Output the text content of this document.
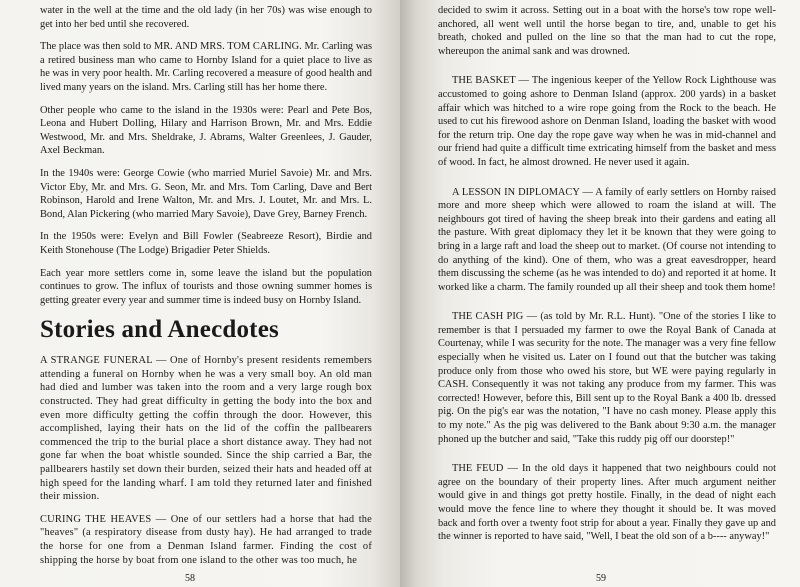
water in the well at the time and the old lady (in her 70s) was wise enough to get into her bed until she recovered.

The place was then sold to MR. AND MRS. TOM CARLING. Mr. Carling was a retired business man who came to Hornby Island for a quiet place to live as he was in very poor health. Mr. Carling recovered a measure of good health and lived many years on the island. Mrs. Carling still has her home there.

Other people who came to the island in the 1930s were: Pearl and Pete Bos, Leona and Hubert Dolling, Hilary and Harrison Brown, Mr. and Mrs. Eddie Westwood, Mr. and Mrs. Sheldrake, J. Abrams, Walter Greenlees, J. Gauder, Axel Beckman.

In the 1940s were: George Cowie (who married Muriel Savoie) Mr. and Mrs. Victor Eby, Mr. and Mrs. G. Seon, Mr. and Mrs. Tom Carling, Dave and Bert Robinson, Harold and Irene Walton, Mr. and Mrs. J. Loutet, Mr. and Mrs. L. Bond, Alan Pickering (who married Mary Savoie), Dave Grey, Barney French.

In the 1950s were: Evelyn and Bill Fowler (Seabreeze Resort), Birdie and Keith Stonehouse (The Lodge) Brigadier Peter Shields.

Each year more settlers come in, some leave the island but the population continues to grow. The influx of tourists and those owning summer homes is getting greater every year and summer time is indeed busy on Hornby Island.

Stories and Anecdotes

A STRANGE FUNERAL — One of Hornby's present residents remembers attending a funeral on Hornby when he was a very small boy. An old man had died and lumber was taken into the room and a very large rough box constructed. They had great difficulty in getting the body into the box and even more difficulty getting the coffin through the door. However, this accomplished, laying their hats on the lid of the coffin the pallbearers commenced the trip to the burial place a short distance away. They had not gone far when the boat whistle sounded. Since the ship carried a Bar, the pallbearers hastily set down their burden, seized their hats and headed off at high speed for the landing wharf. I am told they returned later and finished their mission.

CURING THE HEAVES — One of our settlers had a horse that had the "heaves" (a respiratory disease from dusty hay). He had arranged to trade the horse for one from a Denman Island farmer. Finding the cost of shipping the horse by boat from one island to the other was too much, he

58

decided to swim it across. Setting out in a boat with the horse's tow rope well-anchored, all went well until the horse began to tire, and, unable to get his breath, choked and pulled on the line so that the man had to cut the rope, whereupon the animal sank and was drowned.

THE BASKET — The ingenious keeper of the Yellow Rock Lighthouse was accustomed to going ashore to Denman Island (approx. 200 yards) in a basket affair which was hitched to a wire rope going from the Rock to the beach. He used to cut his firewood ashore on Denman Island, loading the basket with wood for the return trip. One day the rope gave way when he was in mid-channel and our friend had quite a difficult time extricating himself from the basket and mess of wood. In fact, he almost drowned. He never used it again.

A LESSON IN DIPLOMACY — A family of early settlers on Hornby raised more and more sheep which were allowed to roam the island at will. The neighbours got tired of having the sheep break into their gardens and eating all the pasture. With great diplomacy they let it be known that they were going to bring in a large raft and load the sheep out to market. (Of course not intending to do anything of the kind). One of them, who was a great eavesdropper, heard them discussing the scheme (as he was intended to do) and reported it at home. It worked like a charm. The family rounded up all their sheep and took them home!

THE CASH PIG — (as told by Mr. R.L. Hunt). "One of the stories I like to remember is that I persuaded my farmer to owe the Royal Bank of Canada at Courtenay, while I was security for the note. The manager was a very fine fellow especially when he visited us. Later on I found out that the butcher was taking produce only from those who owed his store, but WE were paying regularly in CASH. Consequently it was not taking any produce from my farmer. This was corrected! However, before this, Bill sent up to the Royal Bank a 400 lb. dressed pig. On the pig's ear was the notation, "I have no cash money. Please apply this to my note." As the pig was delivered to the Bank about 9:30 a.m. the manager phoned up the butcher and said, "Take this ruddy pig off our doorstep!"

THE FEUD — In the old days it happened that two neighbours could not agree on the boundary of their property lines. After much argument neither would give in and things got pretty hostile. Finally, in the dead of night each would move the fence line to where they thought it should be. It was moved back and forth over a twenty foot strip for about a year. Finally they gave up and the winner is reported to have said, "Well, I beat the old son of a b---- anyway!"

59
